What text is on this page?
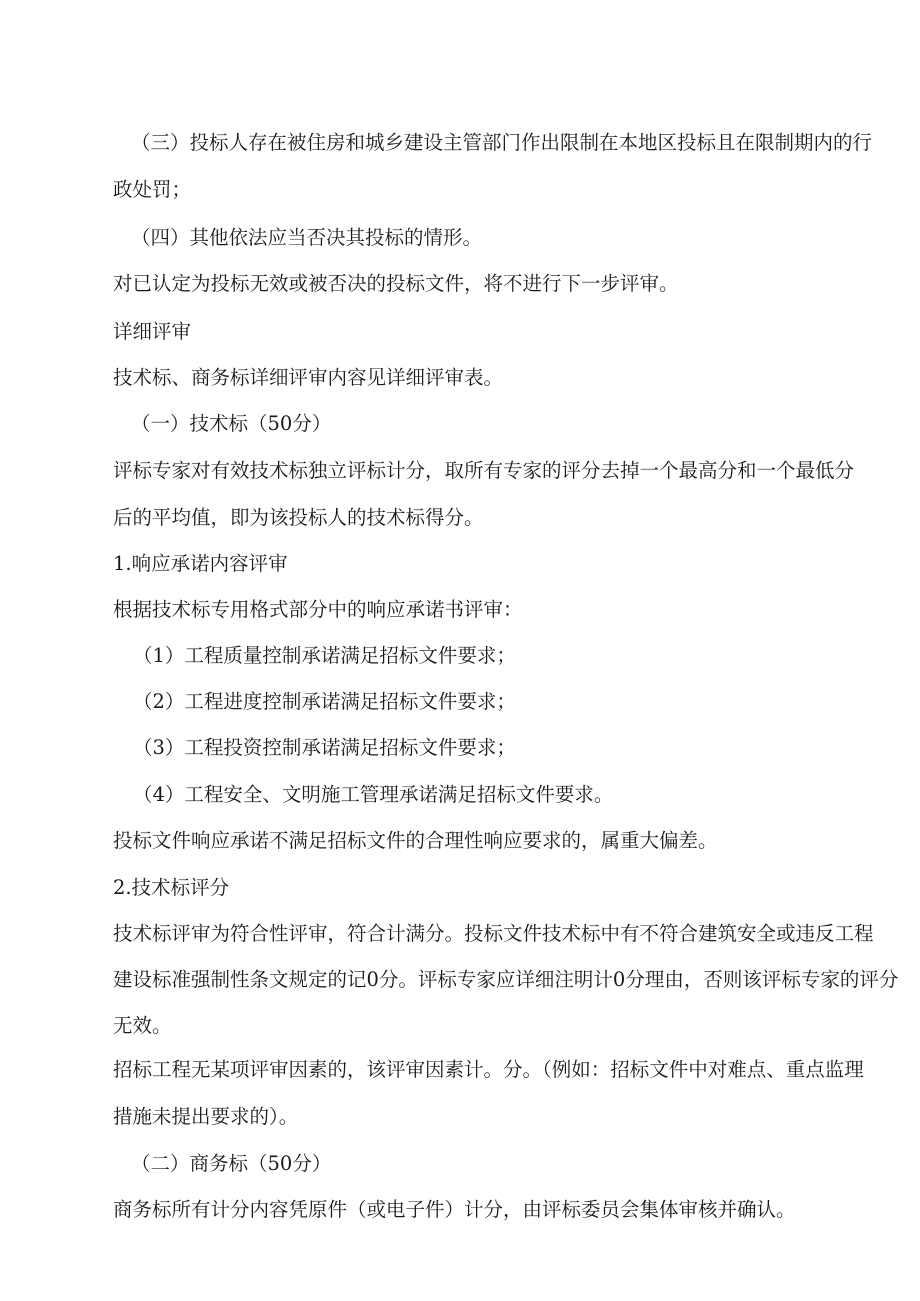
（三）投标人存在被住房和城乡建设主管部门作出限制在本地区投标且在限制期内的行
政处罚；
（四）其他依法应当否决其投标的情形。
对已认定为投标无效或被否决的投标文件，将不进行下一步评审。
详细评审
技术标、商务标详细评审内容见详细评审表。
（一）技术标（50分）
评标专家对有效技术标独立评标计分，取所有专家的评分去掉一个最高分和一个最低分
后的平均值，即为该投标人的技术标得分。
1.响应承诺内容评审
根据技术标专用格式部分中的响应承诺书评审：
（1）工程质量控制承诺满足招标文件要求；
（2）工程进度控制承诺满足招标文件要求；
（3）工程投资控制承诺满足招标文件要求；
（4）工程安全、文明施工管理承诺满足招标文件要求。
投标文件响应承诺不满足招标文件的合理性响应要求的，属重大偏差。
2.技术标评分
技术标评审为符合性评审，符合计满分。投标文件技术标中有不符合建筑安全或违反工程
建设标准强制性条文规定的记0分。评标专家应详细注明计0分理由，否则该评标专家的评分
无效。
招标工程无某项评审因素的，该评审因素计。分。（例如：招标文件中对难点、重点监理
措施未提出要求的）。
（二）商务标（50分）
商务标所有计分内容凭原件（或电子件）计分，由评标委员会集体审核并确认。
